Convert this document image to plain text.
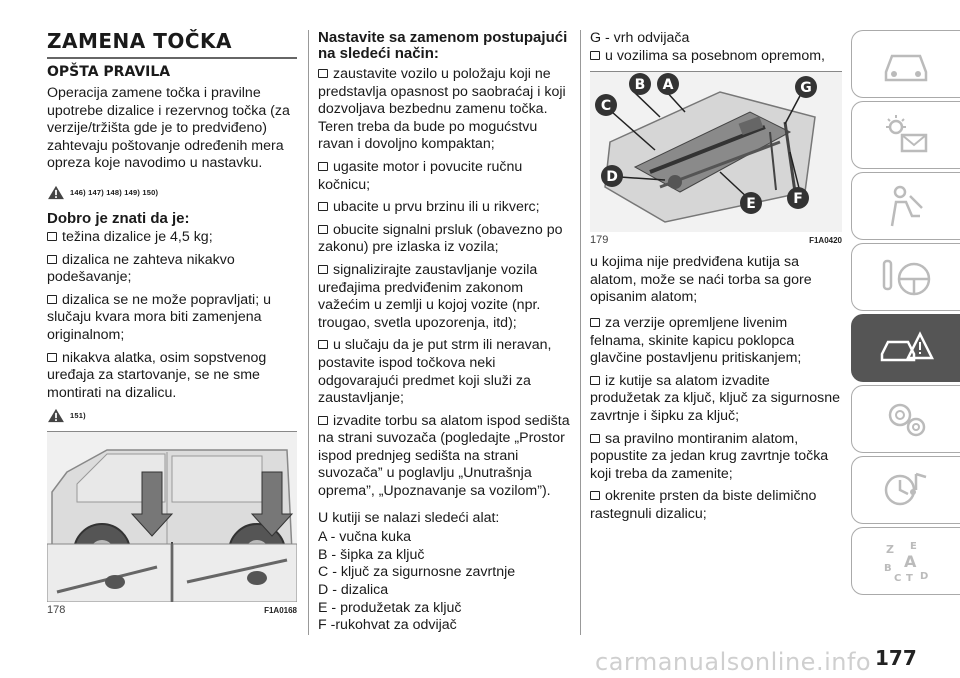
ZAMENA TOČKA
OPŠTA PRAVILA

Operacija zamene točka i pravilne upotrebe dizalice i rezervnog točka (za verzije/tržišta gde je to predviđeno) zahtevaju poštovanje određenih mera opreza koje navodimo u nastavku.

146) 147) 148) 149) 150)
Dobro je znati da je:
težina dizalice je 4,5 kg;
dizalica ne zahteva nikakvo podešavanje;
dizalica se ne može popravljati; u slučaju kvara mora biti zamenjena originalnom;
nikakva alatka, osim sopstvenog uređaja za startovanje, se ne sme montirati na dizalicu.
151)
178	F1A0168
Nastavite sa zamenom postupajući na sledeći način:
zaustavite vozilo u položaju koji ne predstavlja opasnost po saobraćaj i koji dozvoljava bezbednu zamenu točka. Teren treba da bude po mogućstvu ravan i dovoljno kompaktan;
ugasite motor i povucite ručnu kočnicu;
ubacite u prvu brzinu ili u rikverc;
obucite signalni prsluk (obavezno po zakonu) pre izlaska iz vozila;
signalizirajte zaustavljanje vozila uređajima predviđenim zakonom važećim u zemlji u kojoj vozite (npr. trougao, svetla upozorenja, itd);
u slučaju da je put strm ili neravan, postavite ispod točkova neki odgovarajući predmet koji služi za zaustavljanje;
izvadite torbu sa alatom ispod sedišta na strani suvozača (pogledajte „Prostor ispod prednjeg sedišta na strani suvozača” u poglavlju „Unutrašnja oprema”, „Upoznavanje sa vozilom”).

U kutiji se nalazi sledeći alat:

A - vučna kuka

B - šipka za ključ

C - ključ za sigurnosne zavrtnje

D - dizalica

E - produžetak za ključ

F -rukohvat za odvijač

G - vrh odvijača

u vozilima sa posebnom opremom,
A
B
C
D
E	F
G
179	F1A0420

u kojima nije predviđena kutija sa alatom, može se naći torba sa gore opisanim alatom;

za verzije opremljene livenim felnama, skinite kapicu poklopca glavčine postavljenu pritiskanjem;
iz kutije sa alatom izvadite produžetak za ključ, ključ za sigurnosne zavrtnje i šipku za ključ;
sa pravilno montiranim alatom, popustite za jedan krug zavrtnje točka koji treba da zamenite;
okrenite prsten da biste delimično rastegnuli dizalicu;
Z E
A
B
C T D
carmanualsonline.info 177
